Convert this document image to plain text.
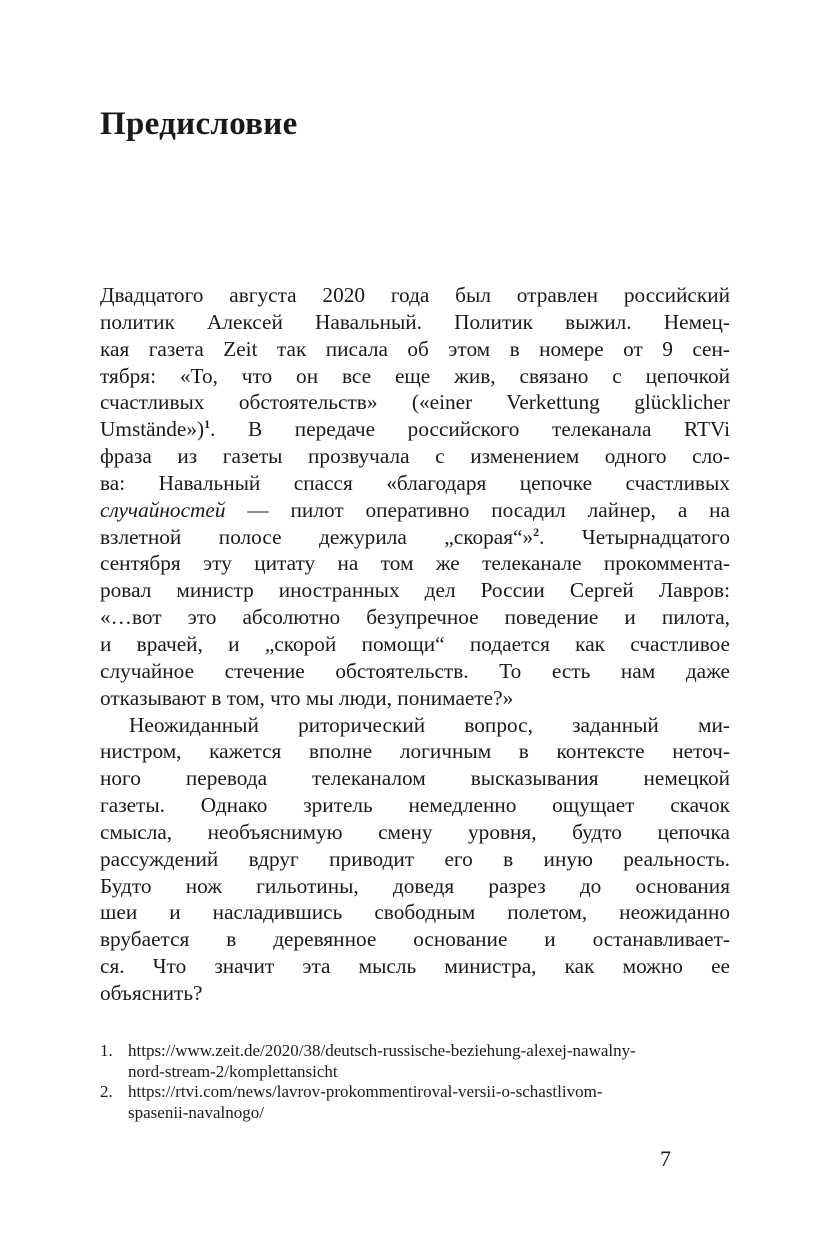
Предисловие
Двадцатого августа 2020 года был отравлен российский
политик Алексей Навальный. Политик выжил. Немец-
кая газета Zeit так писала об этом в номере от 9 сен-
тября: «То, что он все еще жив, связано с цепочкой
счастливых обстоятельств» («einer Verkettung glücklicher
Umstände»)$^1$. В передаче российского телеканала RTVi
фраза из газеты прозвучала с изменением одного сло-
ва: Навальный спасся «благодаря цепочке счастливых
случайностей — пилот оперативно посадил лайнер, а на
взлетной полосе дежурила „скорая“»$^2$. Четырнадцатого
сентября эту цитату на том же телеканале прокоммента-
ровал министр иностранных дел России Сергей Лавров:
«…вот это абсолютно безупречное поведение и пилота,
и врачей, и „скорой помощи“ подается как счастливое
случайное стечение обстоятельств. То есть нам даже
отказывают в том, что мы люди, понимаете?»
Неожиданный риторический вопрос, заданный ми-
нистром, кажется вполне логичным в контексте неточ-
ного перевода телеканалом высказывания немецкой
газеты. Однако зритель немедленно ощущает скачок
смысла, необъяснимую смену уровня, будто цепочка
рассуждений вдруг приводит его в иную реальность.
Будто нож гильотины, доведя разрез до основания
шеи и насладившись свободным полетом, неожиданно
врубается в деревянное основание и останавливает-
ся. Что значит эта мысль министра, как можно ее
объяснить?
1. https://www.zeit.de/2020/38/deutsch-russische-beziehung-alexej-nawalny-
nord-stream-2/komplettansicht
2. https://rtvi.com/news/lavrov-prokommentiroval-versii-o-schastlivom-
spasenii-navalnogo/
7
